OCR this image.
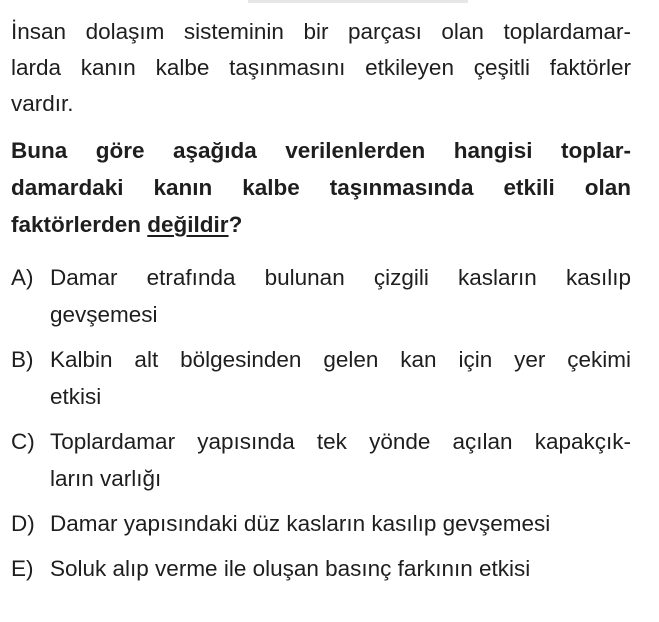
İnsan dolaşım sisteminin bir parçası olan toplardamar-
larda kanın kalbe taşınmasını etkileyen çeşitli faktörler
vardır.

Buna göre aşağıda verilenlerden hangisi toplar-
damardaki kanın kalbe taşınmasında etkili olan
faktörlerden değildir?

A) Damar etrafında bulunan çizgili kasların kasılıp
gevşemesi
B) Kalbin alt bölgesinden gelen kan için yer çekimi
etkisi
C) Toplardamar yapısında tek yönde açılan kapakçık-
ların varlığı
D) Damar yapısındaki düz kasların kasılıp gevşemesi
E) Soluk alıp verme ile oluşan basınç farkının etkisi
